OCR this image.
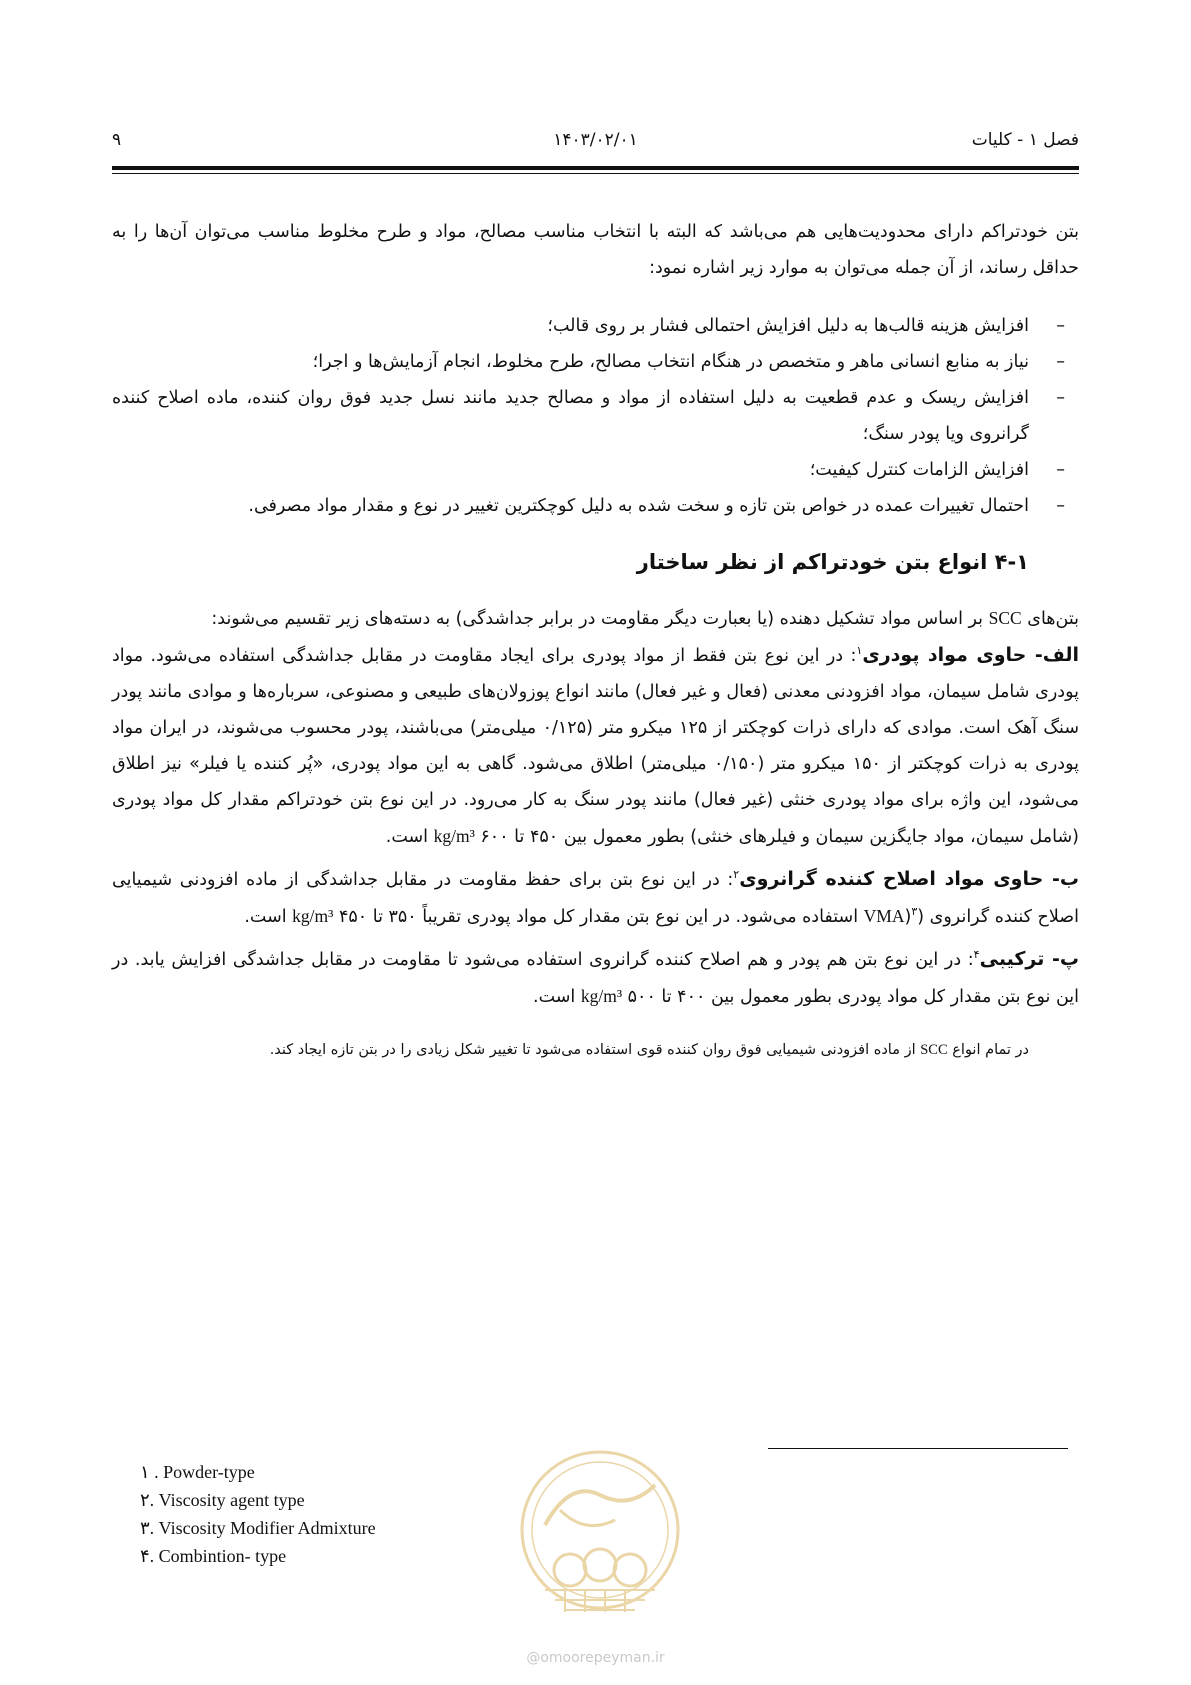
فصل ۱ - کلیات
۱۴۰۳/۰۲/۰۱
۹

بتن خودتراکم دارای محدودیت‌هایی هم می‌باشد که البته با انتخاب مناسب مصالح، مواد و طرح مخلوط مناسب می‌توان آن‌ها را به حداقل رساند، از آن جمله می‌توان به موارد زیر اشاره نمود:

–
افزایش هزینه قالب‌ها به دلیل افزایش احتمالی فشار بر روی قالب؛
–
نیاز به منابع انسانی ماهر و متخصص در هنگام انتخاب مصالح، طرح مخلوط، انجام آزمایش‌ها و اجرا؛
–
افزایش ریسک و عدم قطعیت به دلیل استفاده از مواد و مصالح جدید مانند نسل جدید فوق روان کننده، ماده اصلاح کننده گرانروی ویا پودر سنگ؛
–
افزایش الزامات کنترل کیفیت؛
–
احتمال تغییرات عمده در خواص بتن تازه و سخت شده به دلیل کوچکترین تغییر در نوع و مقدار مواد مصرفی.
۴-۱ انواع بتن خودتراکم از نظر ساختار

بتن‌های SCC بر اساس مواد تشکیل دهنده (یا بعبارت دیگر مقاومت در برابر جداشدگی) به دسته‌های زیر تقسیم می‌شوند:

الف- حاوی مواد پودری$^۱$: در این نوع بتن فقط از مواد پودری برای ایجاد مقاومت در مقابل جداشدگی استفاده می‌شود. مواد پودری شامل سیمان، مواد افزودنی معدنی (فعال و غیر فعال) مانند انواع پوزولان‌های طبیعی و مصنوعی، سرباره‌ها و موادی مانند پودر سنگ آهک است. موادی که دارای ذرات کوچکتر از ۱۲۵ میکرو متر (۰/۱۲۵ میلی‌متر) می‌باشند، پودر محسوب می‌شوند، در ایران مواد پودری به ذرات کوچکتر از ۱۵۰ میکرو متر (۰/۱۵۰ میلی‌متر) اطلاق می‌شود. گاهی به این مواد پودری، «پُر کننده یا فیلر» نیز اطلاق می‌شود، این واژه برای مواد پودری خنثی (غیر فعال) مانند پودر سنگ به کار می‌رود. در این نوع بتن خودتراکم مقدار کل مواد پودری (شامل سیمان، مواد جایگزین سیمان و فیلرهای خنثی) بطور معمول بین ۴۵۰ تا kg/m³ ۶۰۰ است.

ب- حاوی مواد اصلاح کننده گرانروی$^۲$: در این نوع بتن برای حفظ مقاومت در مقابل جداشدگی از ماده افزودنی شیمیایی اصلاح کننده گرانروی (VMA)$^۳$ استفاده می‌شود. در این نوع بتن مقدار کل مواد پودری تقریباً ۳۵۰ تا kg/m³ ۴۵۰ است.

پ- ترکیبی$^۴$: در این نوع بتن هم پودر و هم اصلاح کننده گرانروی استفاده می‌شود تا مقاومت در مقابل جداشدگی افزایش یابد. در این نوع بتن مقدار کل مواد پودری بطور معمول بین ۴۰۰ تا kg/m³ ۵۰۰ است.

در تمام انواع SCC از ماده افزودنی شیمیایی فوق روان کننده قوی استفاده می‌شود تا تغییر شکل زیادی را در بتن تازه ایجاد کند.

۱ . Powder-type
۲. Viscosity agent type
۳. Viscosity Modifier Admixture
۴. Combintion- type
@omoorepeyman.ir
